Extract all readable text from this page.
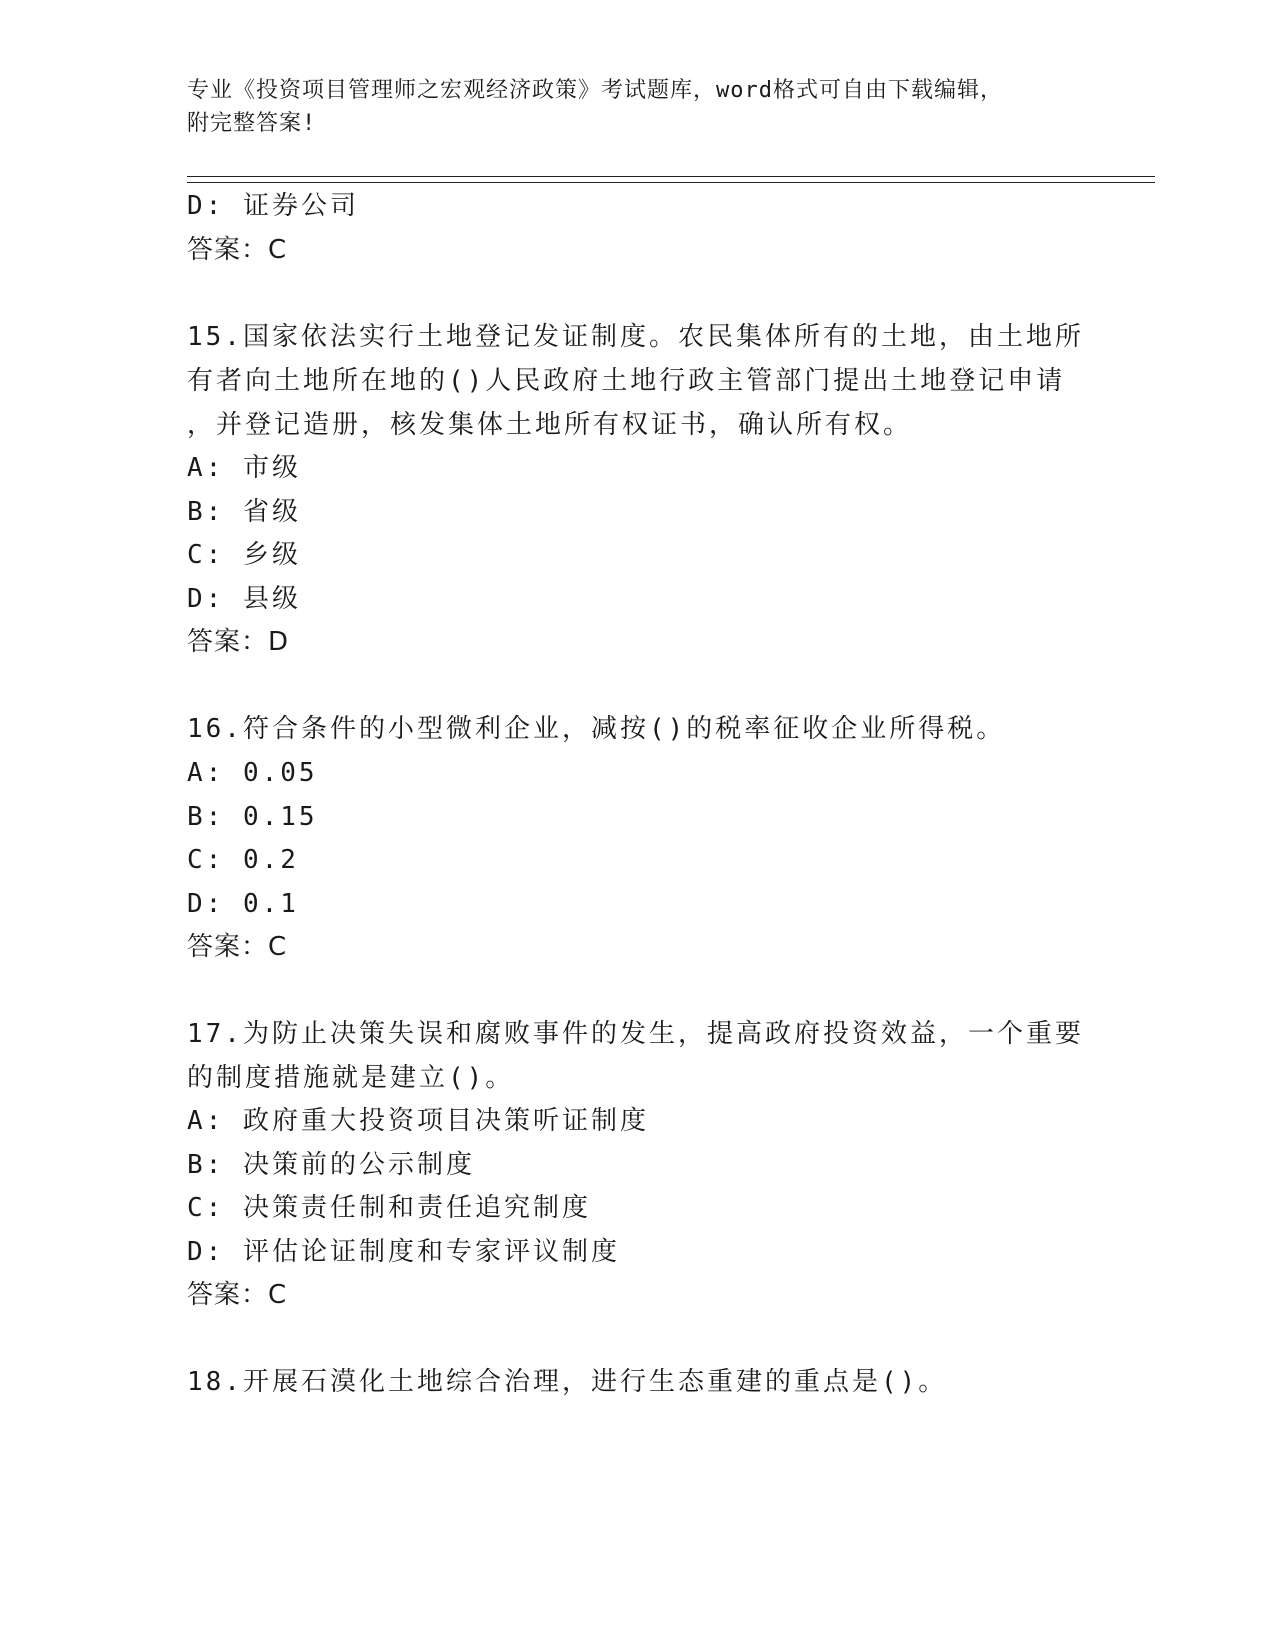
专业《投资项目管理师之宏观经济政策》考试题库，word格式可自由下载编辑，
附完整答案!
D: 证券公司
答案：C
15.国家依法实行土地登记发证制度。农民集体所有的土地，由土地所
有者向土地所在地的()人民政府土地行政主管部门提出土地登记申请
，并登记造册，核发集体土地所有权证书，确认所有权。
A: 市级
B: 省级
C: 乡级
D: 县级
答案：D
16.符合条件的小型微利企业，减按()的税率征收企业所得税。
A: 0.05
B: 0.15
C: 0.2
D: 0.1
答案：C
17.为防止决策失误和腐败事件的发生，提高政府投资效益，一个重要
的制度措施就是建立()。
A: 政府重大投资项目决策听证制度
B: 决策前的公示制度
C: 决策责任制和责任追究制度
D: 评估论证制度和专家评议制度
答案：C
18.开展石漠化土地综合治理，进行生态重建的重点是()。
